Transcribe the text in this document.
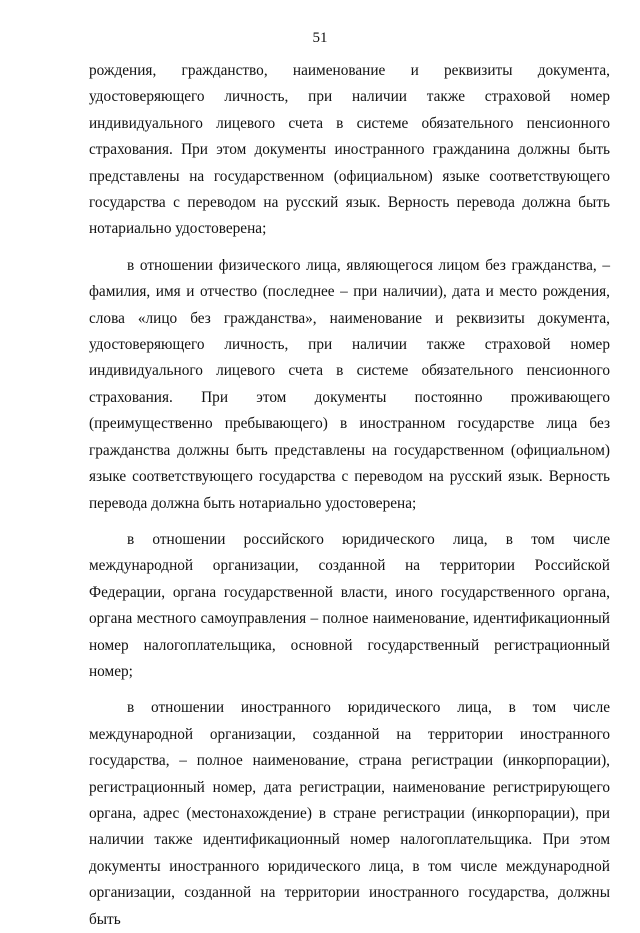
51

рождения, гражданство, наименование и реквизиты документа, удостоверяющего личность, при наличии также страховой номер индивидуального лицевого счета в системе обязательного пенсионного страхования. При этом документы иностранного гражданина должны быть представлены на государственном (официальном) языке соответствующего государства с переводом на русский язык. Верность перевода должна быть нотариально удостоверена;

в отношении физического лица, являющегося лицом без гражданства, – фамилия, имя и отчество (последнее – при наличии), дата и место рождения, слова «лицо без гражданства», наименование и реквизиты документа, удостоверяющего личность, при наличии также страховой номер индивидуального лицевого счета в системе обязательного пенсионного страхования. При этом документы постоянно проживающего (преимущественно пребывающего) в иностранном государстве лица без гражданства должны быть представлены на государственном (официальном) языке соответствующего государства с переводом на русский язык. Верность перевода должна быть нотариально удостоверена;

в отношении российского юридического лица, в том числе международной организации, созданной на территории Российской Федерации, органа государственной власти, иного государственного органа, органа местного самоуправления – полное наименование, идентификационный номер налогоплательщика, основной государственный регистрационный номер;

в отношении иностранного юридического лица, в том числе международной организации, созданной на территории иностранного государства, – полное наименование, страна регистрации (инкорпорации), регистрационный номер, дата регистрации, наименование регистрирующего органа, адрес (местонахождение) в стране регистрации (инкорпорации), при наличии также идентификационный номер налогоплательщика. При этом документы иностранного юридического лица, в том числе международной организации, созданной на территории иностранного государства, должны быть
